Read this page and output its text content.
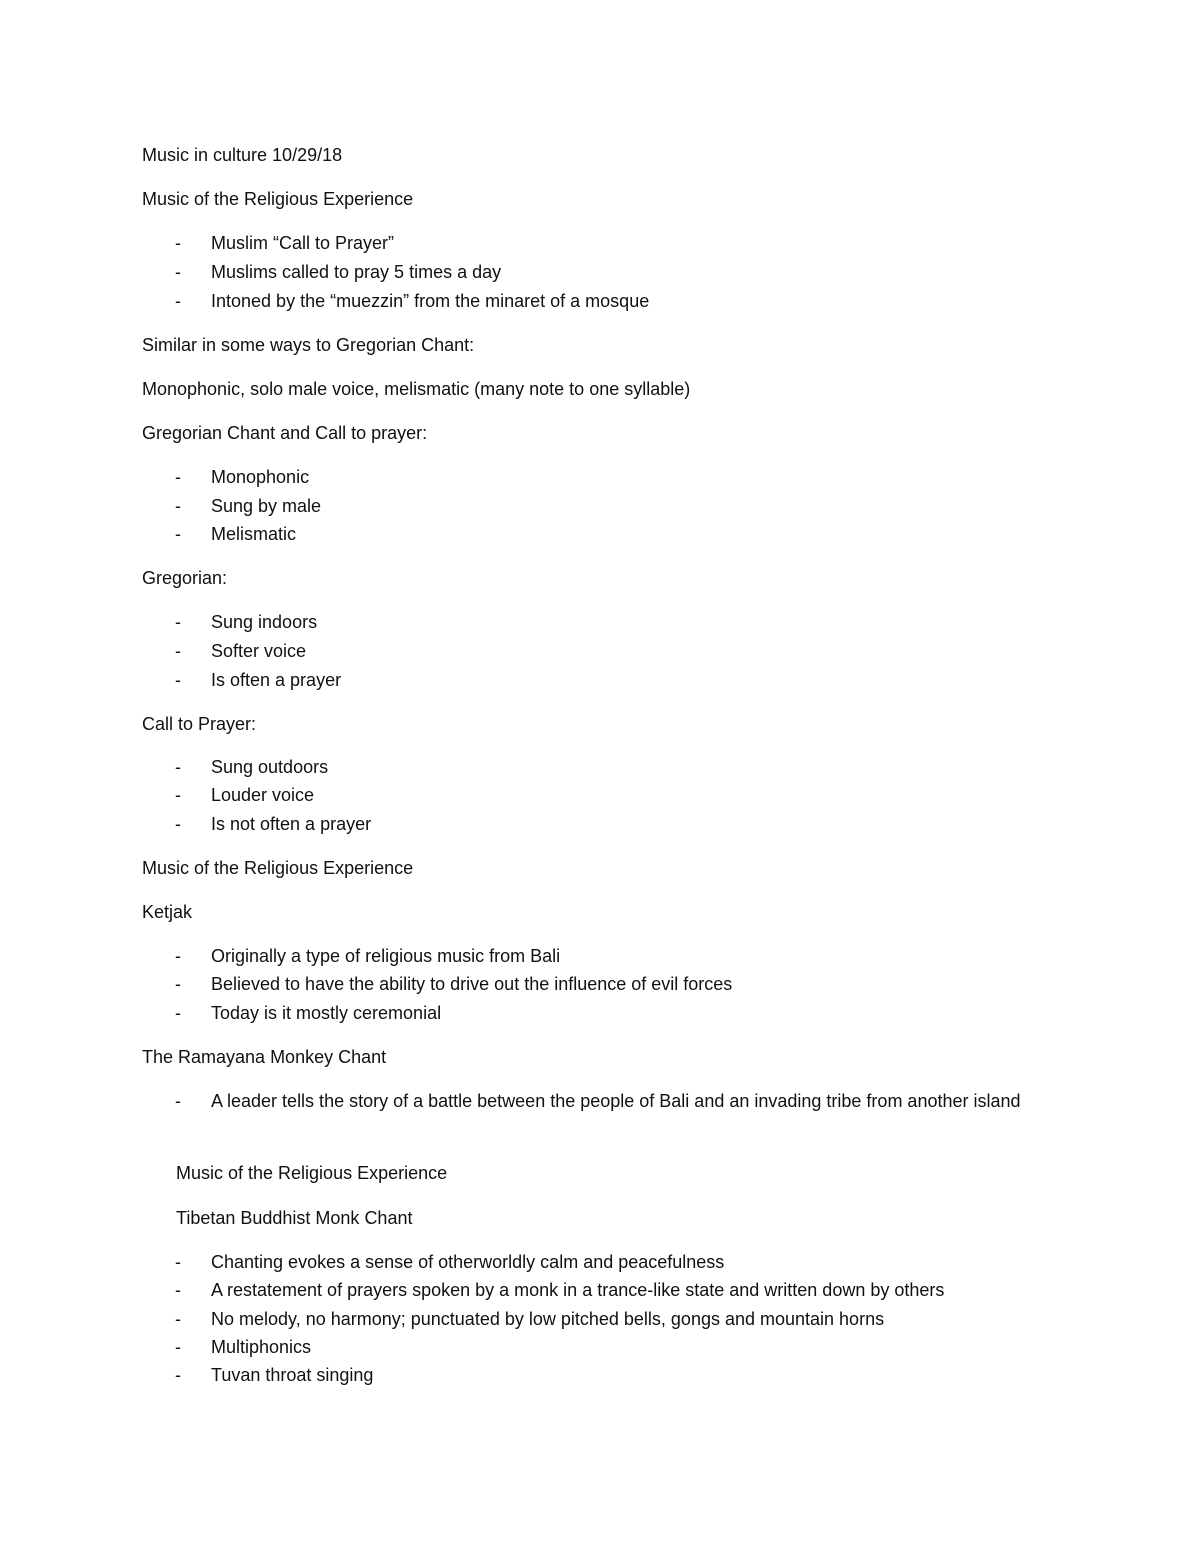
Music in culture 10/29/18
Music of the Religious Experience
- Muslim “Call to Prayer”
- Muslims called to pray 5 times a day
- Intoned by the “muezzin” from the minaret of a mosque
Similar in some ways to Gregorian Chant:
Monophonic, solo male voice, melismatic (many note to one syllable)
Gregorian Chant and Call to prayer:
- Monophonic
- Sung by male
- Melismatic
Gregorian:
- Sung indoors
- Softer voice
- Is often a prayer
Call to Prayer:
- Sung outdoors
- Louder voice
- Is not often a prayer
Music of the Religious Experience
Ketjak
- Originally a type of religious music from Bali
- Believed to have the ability to drive out the influence of evil forces
- Today is it mostly ceremonial
The Ramayana Monkey Chant
- A leader tells the story of a battle between the people of Bali and an invading tribe from another island
Music of the Religious Experience
Tibetan Buddhist Monk Chant
- Chanting evokes a sense of otherworldly calm and peacefulness
- A restatement of prayers spoken by a monk in a trance-like state and written down by others
- No melody, no harmony; punctuated by low pitched bells, gongs and mountain horns
- Multiphonics
- Tuvan throat singing
